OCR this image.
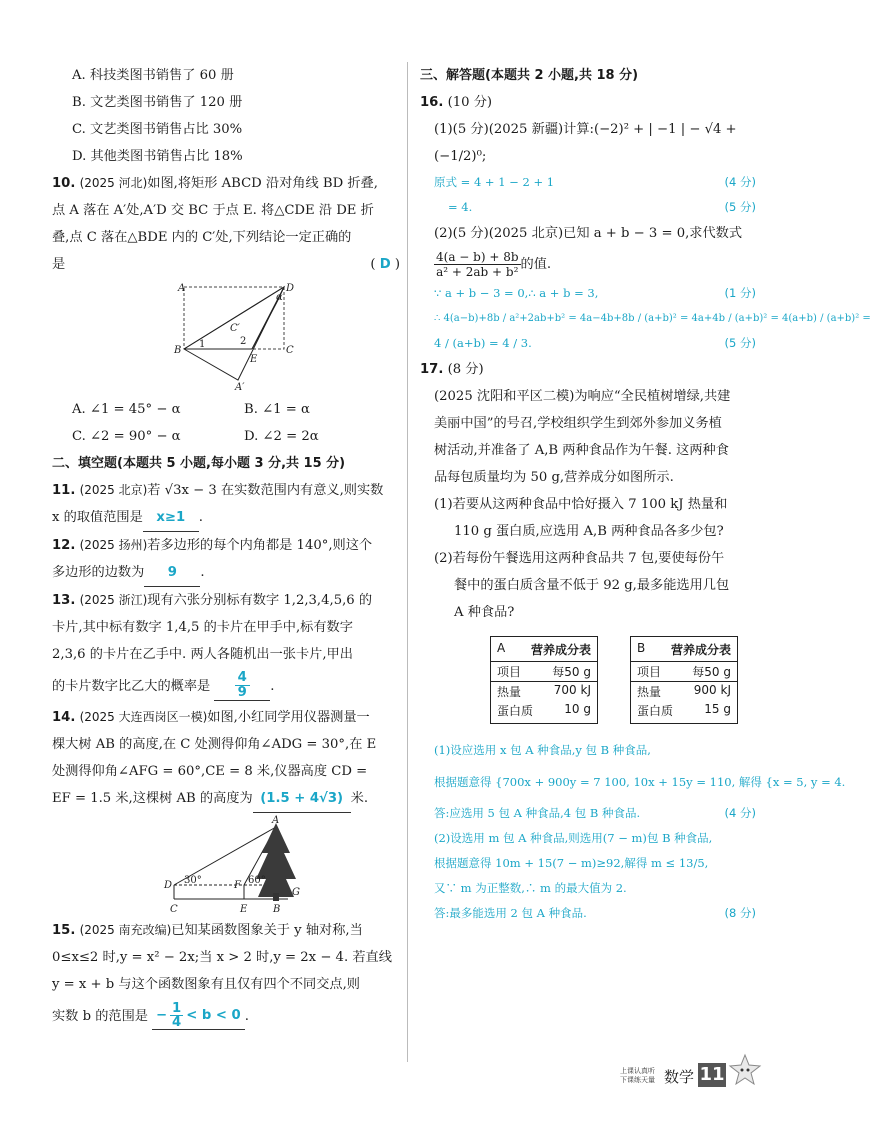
A. 科技类图书销售了 60 册

B. 文艺类图书销售了 120 册

C. 文艺类图书销售占比 30%

D. 其他类图书销售占比 18%

10. (2025 河北)如图,将矩形 ABCD 沿对角线 BD 折叠,

点 A 落在 A′处,A′D 交 BC 于点 E. 将△CDE 沿 DE 折

叠,点 C 落在△BDE 内的 C′处,下列结论一定正确的

是	( D )

A	D
B	C
E
A′
C′
1	2
α

A. ∠1 = 45° − α	B. ∠1 = α

C. ∠2 = 90° − α	D. ∠2 = 2α

二、填空题(本题共 5 小题,每小题 3 分,共 15 分)

11. (2025 北京)若 √3x − 3 在实数范围内有意义,则实数

x 的取值范围是 x≥1 .

12. (2025 扬州)若多边形的每个内角都是 140°,则这个

多边形的边数为 9 .

13. (2025 浙江)现有六张分别标有数字 1,2,3,4,5,6 的

卡片,其中标有数字 1,4,5 的卡片在甲手中,标有数字

2,3,6 的卡片在乙手中. 两人各随机出一张卡片,甲出

的卡片数字比乙大的概率是
4
9 .

14. (2025 大连西岗区一模)如图,小红同学用仪器测量一

棵大树 AB 的高度,在 C 处测得仰角∠ADG = 30°,在 E

处测得仰角∠AFG = 60°,CE = 8 米,仪器高度 CD =

EF = 1.5 米,这棵树 AB 的高度为 (1.5 + 4√3) 米.

A
D	F
G
C	E	B
30°	60°

15. (2025 南充改编)已知某函数图象关于 y 轴对称,当

0≤x≤2 时,y = x² − 2x;当 x > 2 时,y = 2x − 4. 若直线

y = x + b 与这个函数图象有且仅有四个不同交点,则

实数 b 的范围是 − $\frac{1}{4} < b < 0$ .

三、解答题(本题共 2 小题,共 18 分)

16. (10 分)

(1)(5 分)(2025 新疆)计算:(−2)² + | −1 | − √4 +

(−1/2)⁰;

原式 = 4 + 1 − 2 + 1	(4 分)
= 4.	(5 分)

(2)(5 分)(2025 北京)已知 a + b − 3 = 0,求代数式

4(a − b) + 8b
a² + 2ab + b² 的值.

∵ a + b − 3 = 0,∴ a + b = 3,	(1 分)
∴ 4(a−b)+8b / a²+2ab+b² = 4a−4b+8b / (a+b)² = 4a+4b / (a+b)² = 4(a+b) / (a+b)² =
4 / (a+b) = 4 / 3.	(5 分)

17. (8 分)

(2025 沈阳和平区二模)为响应“全民植树增绿,共建

美丽中国”的号召,学校组织学生到郊外参加义务植

树活动,并准备了 A,B 两种食品作为午餐. 这两种食

品每包质量均为 50 g,营养成分如图所示.

(1)若要从这两种食品中恰好摄入 7 100 kJ 热量和

110 g 蛋白质,应选用 A,B 两种食品各多少包?

(2)若每份午餐选用这两种食品共 7 包,要使每份午

餐中的蛋白质含量不低于 92 g,最多能选用几包

A 种食品?

A 营养成分表
项目	每50 g
热量	700 kJ
蛋白质	10 g
B 营养成分表
项目	每50 g
热量	900 kJ
蛋白质	15 g
(1)设应选用 x 包 A 种食品,y 包 B 种食品,
根据题意得 {700x + 900y = 7 100, 10x + 15y = 110, 解得 {x = 5, y = 4.
答:应选用 5 包 A 种食品,4 包 B 种食品.	(4 分)
(2)设选用 m 包 A 种食品,则选用(7 − m)包 B 种食品,
根据题意得 10m + 15(7 − m)≥92,解得 m ≤ 13/5,
又∵ m 为正整数,∴ m 的最大值为 2.
答:最多能选用 2 包 A 种食品.	(8 分)
上课认真听
下课练天量 数学 11
